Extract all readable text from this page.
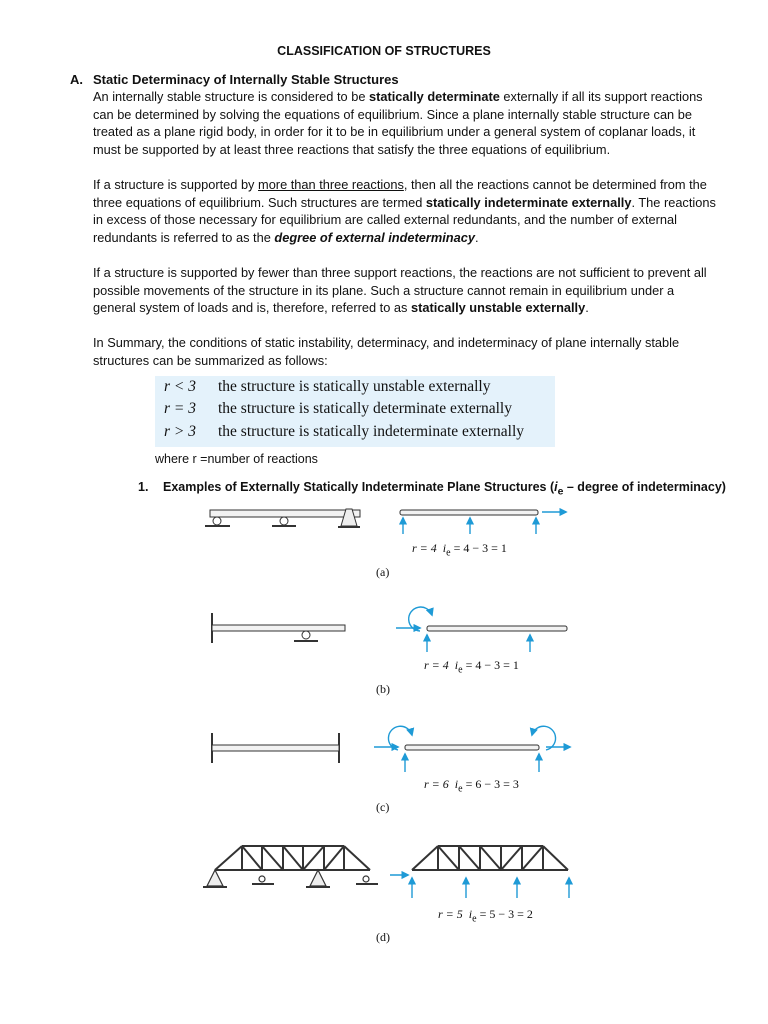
CLASSIFICATION OF STRUCTURES
A. Static Determinacy of Internally Stable Structures

An internally stable structure is considered to be statically determinate externally if all its support reactions can be determined by solving the equations of equilibrium. Since a plane internally stable structure can be treated as a plane rigid body, in order for it to be in equilibrium under a general system of coplanar loads, it must be supported by at least three reactions that satisfy the three equations of equilibrium.

If a structure is supported by more than three reactions, then all the reactions cannot be determined from the three equations of equilibrium. Such structures are termed statically indeterminate externally. The reactions in excess of those necessary for equilibrium are called external redundants, and the number of external redundants is referred to as the degree of external indeterminacy.

If a structure is supported by fewer than three support reactions, the reactions are not sufficient to prevent all possible movements of the structure in its plane. Such a structure cannot remain in equilibrium under a general system of loads and is, therefore, referred to as statically unstable externally.

In Summary, the conditions of static instability, determinacy, and indeterminacy of plane internally stable structures can be summarized as follows:

r < 3	the structure is statically unstable externally
r = 3	the structure is statically determinate externally
r > 3	the structure is statically indeterminate externally
where r =number of reactions
1. Examples of Externally Statically Indeterminate Plane Structures ($i_e$ – degree of indeterminacy)
r = 4 $i_e = 4 - 3 = 1$
(a)
r = 4 $i_e = 4 - 3 = 1$
(b)
r = 6 $i_e = 6 - 3 = 3$
(c)
r = 5 $i_e = 5 - 3 = 2$
(d)
